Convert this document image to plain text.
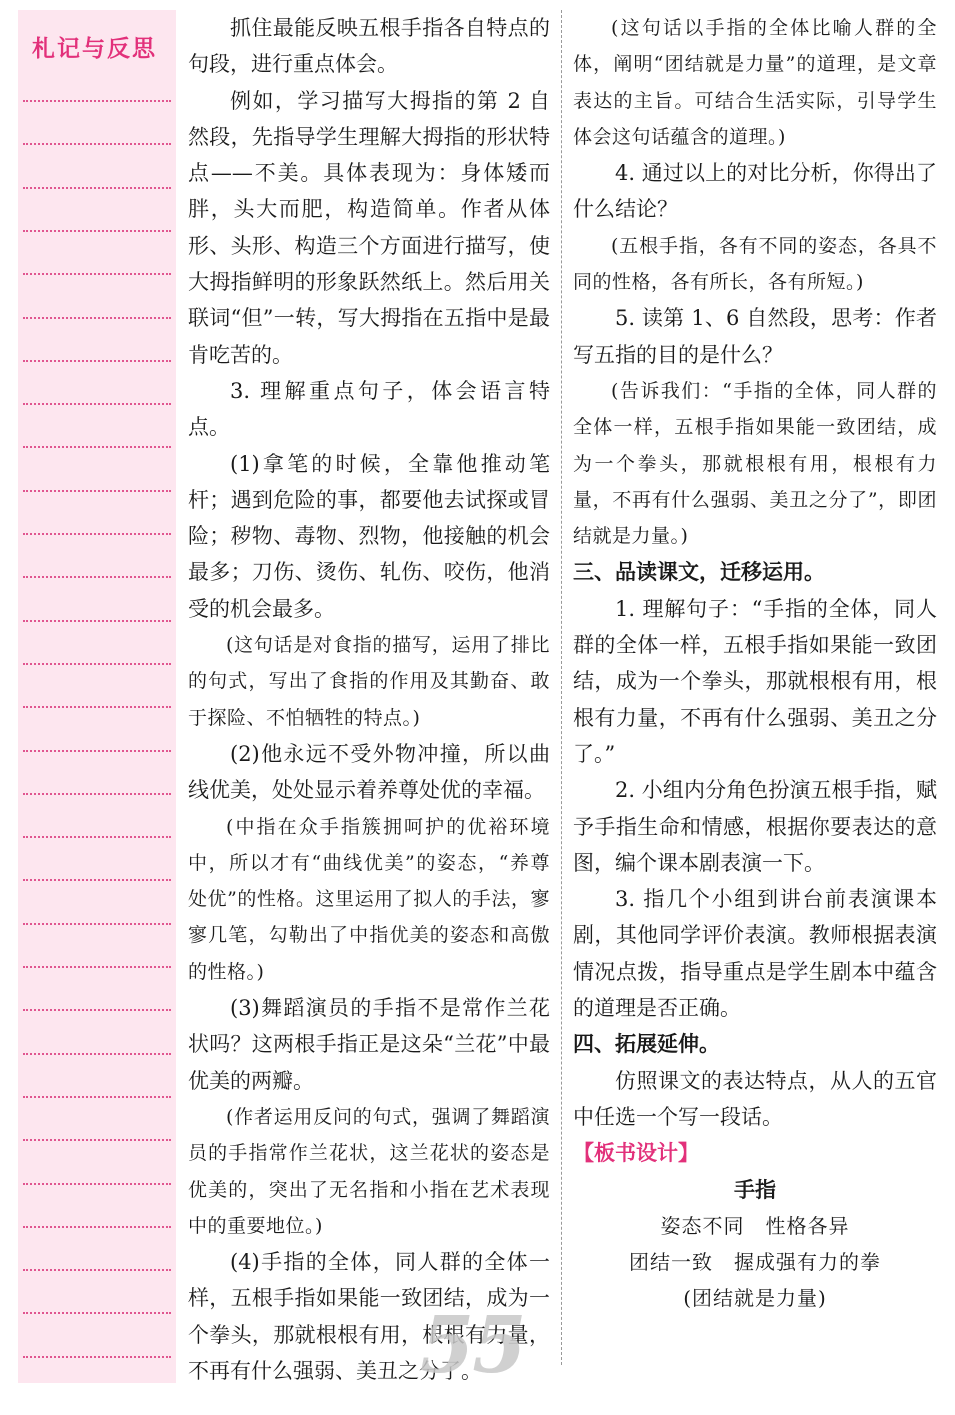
札记与反思

抓住最能反映五根手指各自特点的句段，进行重点体会。

例如，学习描写大拇指的第 2 自然段，先指导学生理解大拇指的形状特点——不美。具体表现为：身体矮而胖，头大而肥，构造简单。作者从体形、头形、构造三个方面进行描写，使大拇指鲜明的形象跃然纸上。然后用关联词“但”一转，写大拇指在五指中是最肯吃苦的。

3. 理解重点句子，体会语言特点。

(1)拿笔的时候，全靠他推动笔杆；遇到危险的事，都要他去试探或冒险；秽物、毒物、烈物，他接触的机会最多；刀伤、烫伤、轧伤、咬伤，他消受的机会最多。

(这句话是对食指的描写，运用了排比的句式，写出了食指的作用及其勤奋、敢于探险、不怕牺牲的特点。)

(2)他永远不受外物冲撞，所以曲线优美，处处显示着养尊处优的幸福。

(中指在众手指簇拥呵护的优裕环境中，所以才有“曲线优美”的姿态，“养尊处优”的性格。这里运用了拟人的手法，寥寥几笔，勾勒出了中指优美的姿态和高傲的性格。)

(3)舞蹈演员的手指不是常作兰花状吗？这两根手指正是这朵“兰花”中最优美的两瓣。

(作者运用反问的句式，强调了舞蹈演员的手指常作兰花状，这兰花状的姿态是优美的，突出了无名指和小指在艺术表现中的重要地位。)

(4)手指的全体，同人群的全体一样，五根手指如果能一致团结，成为一个拳头，那就根根有用，根根有力量，不再有什么强弱、美丑之分了。

(这句话以手指的全体比喻人群的全体，阐明“团结就是力量”的道理，是文章表达的主旨。可结合生活实际，引导学生体会这句话蕴含的道理。)

4. 通过以上的对比分析，你得出了什么结论？

(五根手指，各有不同的姿态，各具不同的性格，各有所长，各有所短。)

5. 读第 1、6 自然段，思考：作者写五指的目的是什么？

(告诉我们：“手指的全体，同人群的全体一样，五根手指如果能一致团结，成为一个拳头，那就根根有用，根根有力量，不再有什么强弱、美丑之分了”，即团结就是力量。)

三、品读课文，迁移运用。

1. 理解句子：“手指的全体，同人群的全体一样，五根手指如果能一致团结，成为一个拳头，那就根根有用，根根有力量，不再有什么强弱、美丑之分了。”

2. 小组内分角色扮演五根手指，赋予手指生命和情感，根据你要表达的意图，编个课本剧表演一下。

3. 指几个小组到讲台前表演课本剧，其他同学评价表演。教师根据表演情况点拨，指导重点是学生剧本中蕴含的道理是否正确。

四、拓展延伸。

仿照课文的表达特点，从人的五官中任选一个写一段话。

【板书设计】

手指

姿态不同　性格各异

团结一致　握成强有力的拳

(团结就是力量)

55
